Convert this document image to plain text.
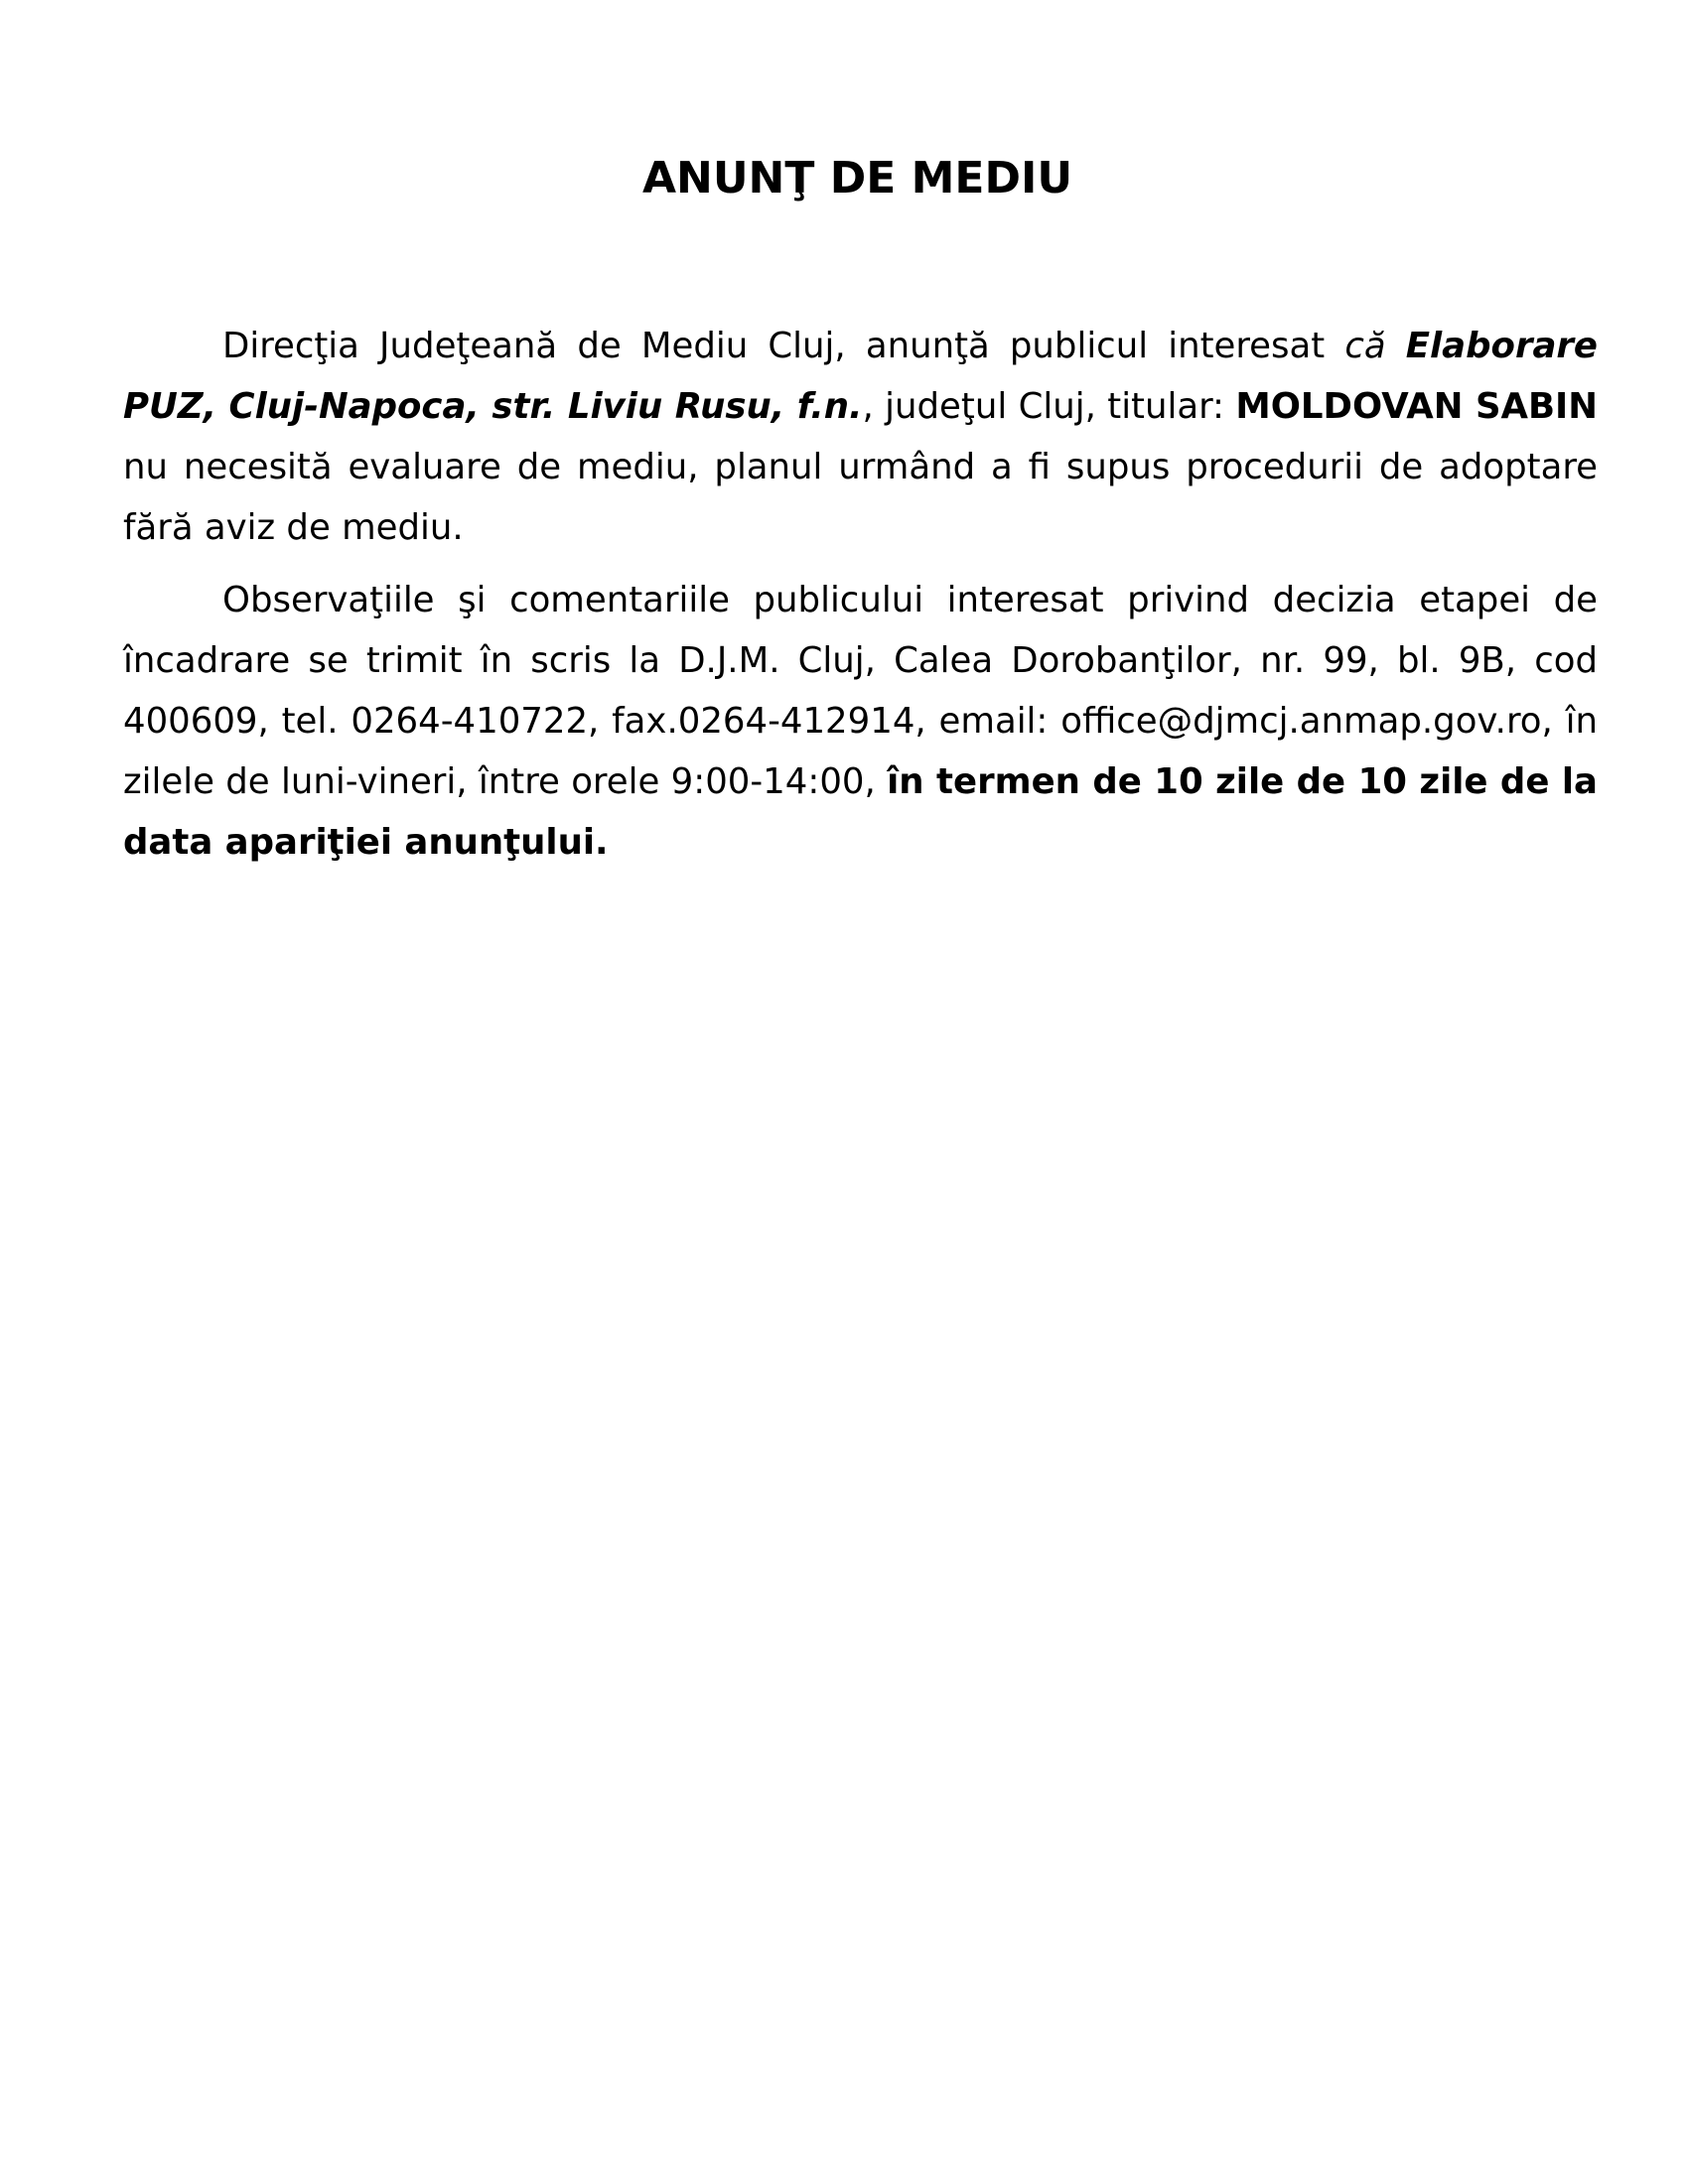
ANUNŢ DE MEDIU

Direcţia Judeţeană de Mediu Cluj, anunţă publicul interesat că Elaborare PUZ, Cluj-Napoca, str. Liviu Rusu, f.n., judeţul Cluj, titular: MOLDOVAN SABIN nu necesită evaluare de mediu, planul urmând a fi supus procedurii de adoptare fără aviz de mediu.

Observaţiile şi comentariile publicului interesat privind decizia etapei de încadrare se trimit în scris la D.J.M. Cluj, Calea Dorobanţilor, nr. 99, bl. 9B, cod 400609, tel. 0264-410722, fax.0264-412914, email: office@djmcj.anmap.gov.ro, în zilele de luni-vineri, între orele 9:00-14:00, în termen de 10 zile de 10 zile de la data apariţiei anunţului.
